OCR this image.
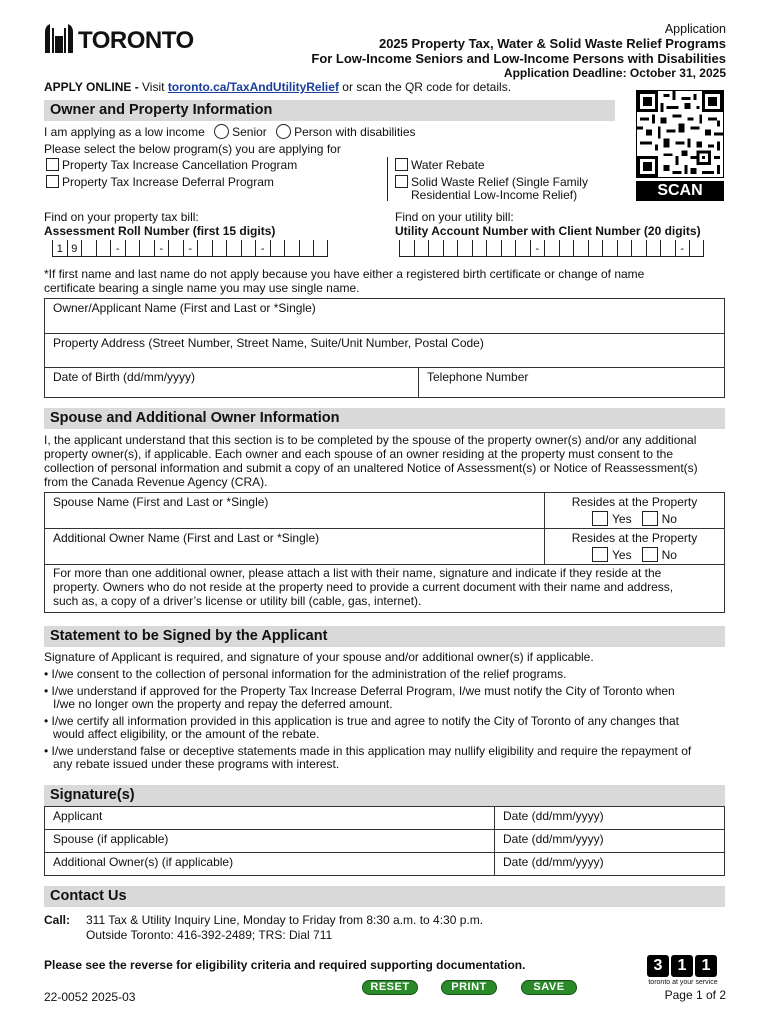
TORONTO	Application
2025 Property Tax, Water & Solid Waste Relief Programs
For Low-Income Seniors and Low-Income Persons with Disabilities
Application Deadline: October 31, 2025
APPLY ONLINE - Visit toronto.ca/TaxAndUtilityRelief or scan the QR code for details.
SCAN
Owner and Property Information
I am applying as a low income Senior Person with disabilities
Please select the below program(s) you are applying for
Property Tax Increase Cancellation Program
Property Tax Increase Deferral Program
Water Rebate
Solid Waste Relief (Single Family
Residential Low-Income Relief)
Find on your property tax bill:
Assessment Roll Number (first 15 digits)
Find on your utility bill:
Utility Account Number with Client Number (20 digits)
1 9	-	-	-	-	-	-
*If first name and last name do not apply because you have either a registered birth certificate or change of name
certificate bearing a single name you may use single name.
Owner/Applicant Name (First and Last or *Single)
Property Address (Street Number, Street Name, Suite/Unit Number, Postal Code)
Date of Birth (dd/mm/yyyy)	Telephone Number
Spouse and Additional Owner Information
I, the applicant understand that this section is to be completed by the spouse of the property owner(s) and/or any additional
property owner(s), if applicable. Each owner and each spouse of an owner residing at the property must consent to the
collection of personal information and submit a copy of an unaltered Notice of Assessment(s) or Notice of Reassessment(s)
from the Canada Revenue Agency (CRA).
Spouse Name (First and Last or *Single)	Resides at the Property
Yes No

Additional Owner Name (First and Last or *Single)	Resides at the Property
Yes No

For more than one additional owner, please attach a list with their name, signature and indicate if they reside at the
property. Owners who do not reside at the property need to provide a current document with their name and address,
such as, a copy of a driver’s license or utility bill (cable, gas, internet).	
Statement to be Signed by the Applicant
Signature of Applicant is required, and signature of your spouse and/or additional owner(s) if applicable.
• I/we consent to the collection of personal information for the administration of the relief programs.
• I/we understand if approved for the Property Tax Increase Deferral Program, I/we must notify the City of Toronto when
I/we no longer own the property and repay the deferred amount.
• I/we certify all information provided in this application is true and agree to notify the City of Toronto of any changes that
would affect eligibility, or the amount of the rebate.
• I/we understand false or deceptive statements made in this application may nullify eligibility and require the repayment of
any rebate issued under these programs with interest.
Signature(s)
Applicant	Date (dd/mm/yyyy)
Spouse (if applicable)	Date (dd/mm/yyyy)
Additional Owner(s) (if applicable)	Date (dd/mm/yyyy)
Contact Us
Call: 311 Tax & Utility Inquiry Line, Monday to Friday from 8:30 a.m. to 4:30 p.m.
Outside Toronto: 416-392-2489; TRS: Dial 711
Please see the reverse for eligibility criteria and required supporting documentation.
22-0052 2025-03
RESET	PRINT	SAVE
3 1 1
toronto at your service
Page 1 of 2
